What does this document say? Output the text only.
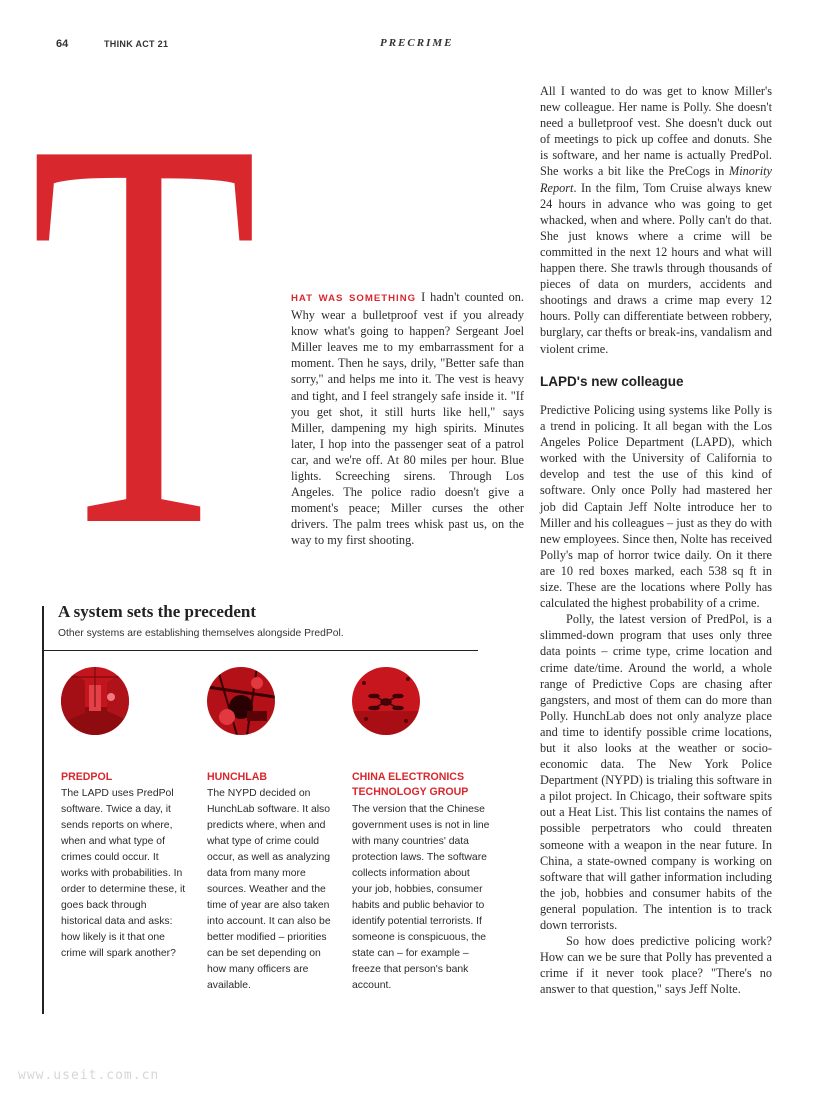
64	THINK ACT 21	PRECRIME
T	HAT WAS SOMETHING I hadn't counted on. Why wear a bulletproof vest if you already know what's going to happen? Sergeant Joel Miller leaves me to my embarrassment for a moment. Then he says, drily, "Better safe than sorry," and helps me into it. The vest is heavy and tight, and I feel strangely safe inside it. "If you get shot, it still hurts like hell," says Miller, dampening my high spirits. Minutes later, I hop into the passenger seat of a patrol car, and we're off. At 80 miles per hour. Blue lights. Screeching sirens. Through Los Angeles. The police radio doesn't give a moment's peace; Miller curses the other drivers. The palm trees whisk past us, on the way to my first shooting.

All I wanted to do was get to know Miller's new colleague. Her name is Polly. She doesn't need a bulletproof vest. She doesn't duck out of meetings to pick up coffee and donuts. She is software, and her name is actually PredPol. She works a bit like the PreCogs in Minority Report. In the film, Tom Cruise always knew 24 hours in advance who was going to get whacked, when and where. Polly can't do that. She just knows where a crime will be committed in the next 12 hours and what will happen there. She trawls through thousands of pieces of data on murders, accidents and shootings and draws a crime map every 12 hours. Polly can differentiate between robbery, burglary, car thefts or break-ins, vandalism and violent crime.

LAPD's new colleague

Predictive Policing using systems like Polly is a trend in policing. It all began with the Los Angeles Police Department (LAPD), which worked with the University of California to develop and test the use of this kind of software. Only once Polly had mastered her job did Captain Jeff Nolte introduce her to Miller and his colleagues – just as they do with new employees. Since then, Nolte has received Polly's map of horror twice daily. On it there are 10 red boxes marked, each 538 sq ft in size. These are the locations where Polly has calculated the highest probability of a crime.

Polly, the latest version of PredPol, is a slimmed-down program that uses only three data points – crime type, crime location and crime date/time. Around the world, a whole range of Predictive Cops are chasing after gangsters, and most of them can do more than Polly. HunchLab does not only analyze place and time to identify possible crime locations, but it also looks at the weather or socio-economic data. The New York Police Department (NYPD) is trialing this software in a pilot project. In Chicago, their software spits out a Heat List. This list contains the names of possible perpetrators who could threaten someone with a weapon in the near future. In China, a state-owned company is working on software that will gather information including the job, hobbies and consumer habits of the general population. The intention is to track down terrorists.

So how does predictive policing work? How can we be sure that Polly has prevented a crime if it never took place? "There's no answer to that question," says Jeff Nolte.

A system sets the precedent
Other systems are establishing themselves alongside PredPol.
PREDPOL
The LAPD uses PredPol software. Twice a day, it sends reports on where, when and what type of crimes could occur. It works with probabilities. In order to determine these, it goes back through historical data and asks: how likely is it that one crime will spark another?
HUNCHLAB
The NYPD decided on HunchLab software. It also predicts where, when and what type of crime could occur, as well as analyzing data from many more sources. Weather and the time of year are also taken into account. It can also be better modified – priorities can be set depending on how many officers are available.
CHINA ELECTRONICS TECHNOLOGY GROUP
The version that the Chinese government uses is not in line with many countries' data protection laws. The software collects information about your job, hobbies, consumer habits and public behavior to identify potential terrorists. If someone is conspicuous, the state can – for example – freeze that person's bank account.
www.useit.com.cn
